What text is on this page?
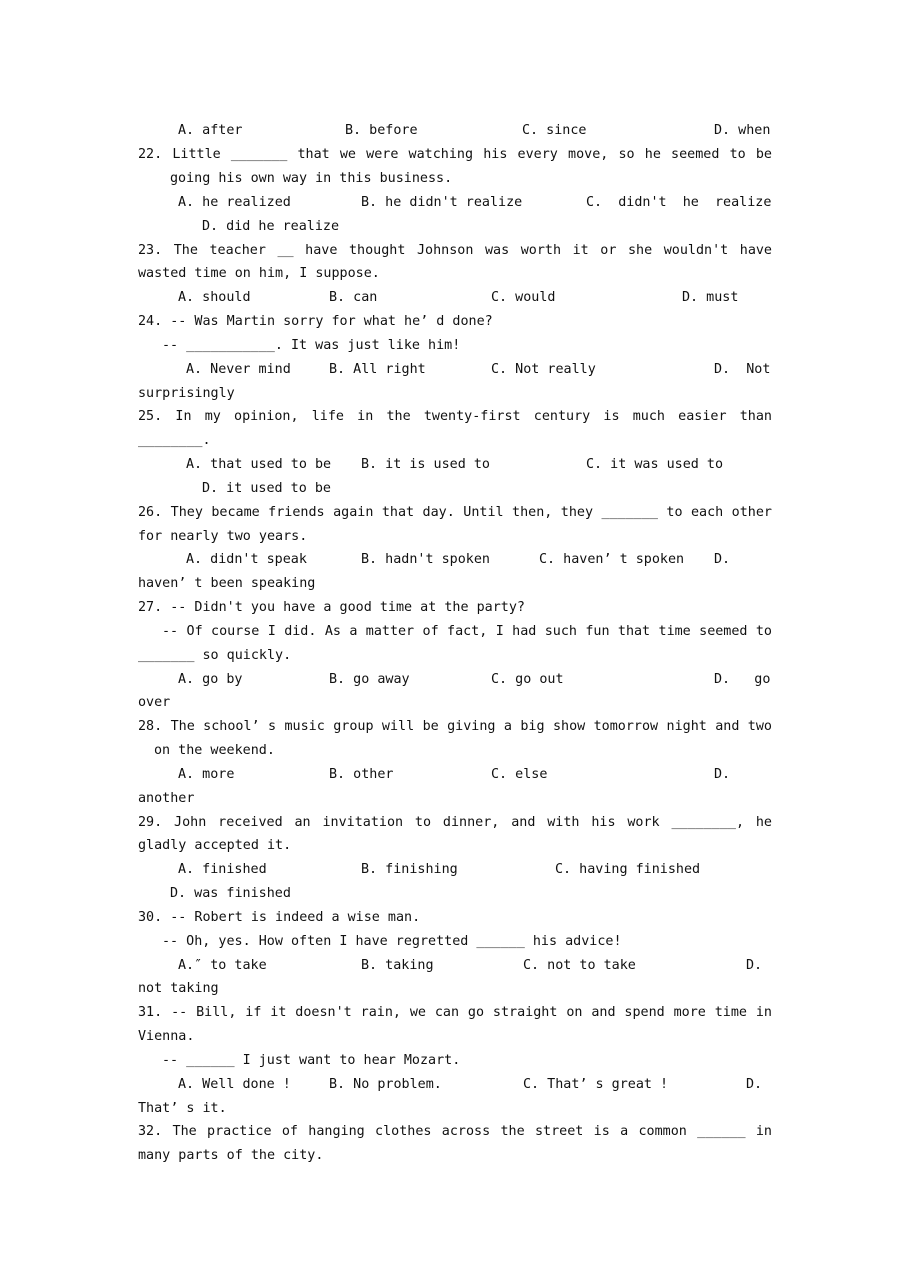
A. after	B. before	C. since	D. when
22. Little _______ that we were watching his every move, so he seemed to be
going his own way in this business.
A. he realized	B. he didn't realize	C.  didn't  he  realize
D. did he realize
23. The teacher __ have thought Johnson was worth it or she wouldn't have
wasted time on him, I suppose.
A. should	B. can	C. would	D. must
24. -- Was Martin sorry for what he’ d done?
-- ___________. It was just like him!
A. Never mind	B. All right	C. Not really	D.  Not
surprisingly
25. In my opinion, life in the twenty-first century is much easier than
________.
A. that used to be B. it is used to	C. it was used to
D. it used to be
26. They became friends again that day. Until then, they _______ to each other
for nearly two years.
A. didn't speak	B. hadn't spoken	C. haven’ t spoken D.
haven’ t been speaking
27. -- Didn't you have a good time at the party?
-- Of course I did. As a matter of fact, I had such fun that time seemed to
_______ so quickly.
A. go by	B. go away	C. go out	D.   go
over
28. The school’ s music group will be giving a big show tomorrow night and two
on the weekend.
A. more	B. other	C. else	D.
another
29. John received an invitation to dinner, and with his work ________, he
gladly accepted it.
A. finished	B. finishing	C. having finished
D. was finished
30. -- Robert is indeed a wise man.
-- Oh, yes. How often I have regretted ______ his advice!
A.″ to take	B. taking	C. not to take	D.
not taking
31. -- Bill, if it doesn't rain, we can go straight on and spend more time in
Vienna.
-- ______ I just want to hear Mozart.
A. Well done !	B. No problem.	C. That’ s great !	D.
That’ s it.
32. The practice of hanging clothes across the street is a common ______ in
many parts of the city.
